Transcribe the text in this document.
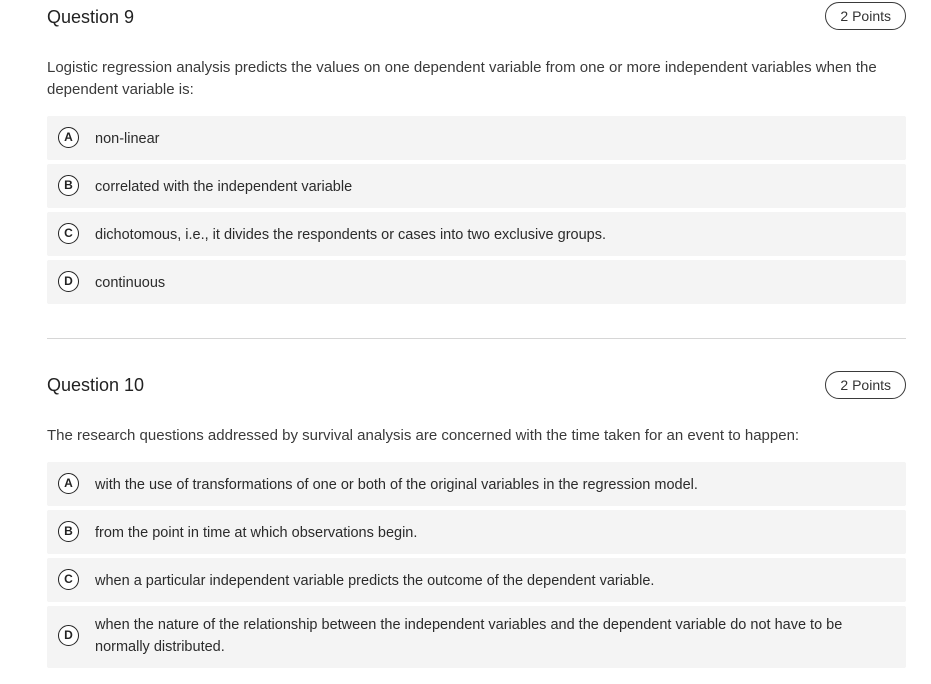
Question 9	2 Points
Logistic regression analysis predicts the values on one dependent variable from one or more independent variables when the dependent variable is:
A	non-linear
B	correlated with the independent variable
C	dichotomous, i.e., it divides the respondents or cases into two exclusive groups.
D	continuous
Question 10	2 Points
The research questions addressed by survival analysis are concerned with the time taken for an event to happen:
A	with the use of transformations of one or both of the original variables in the regression model.
B	from the point in time at which observations begin.
C	when a particular independent variable predicts the outcome of the dependent variable.
D
when the nature of the relationship between the independent variables and the dependent variable do not have to be normally distributed.
